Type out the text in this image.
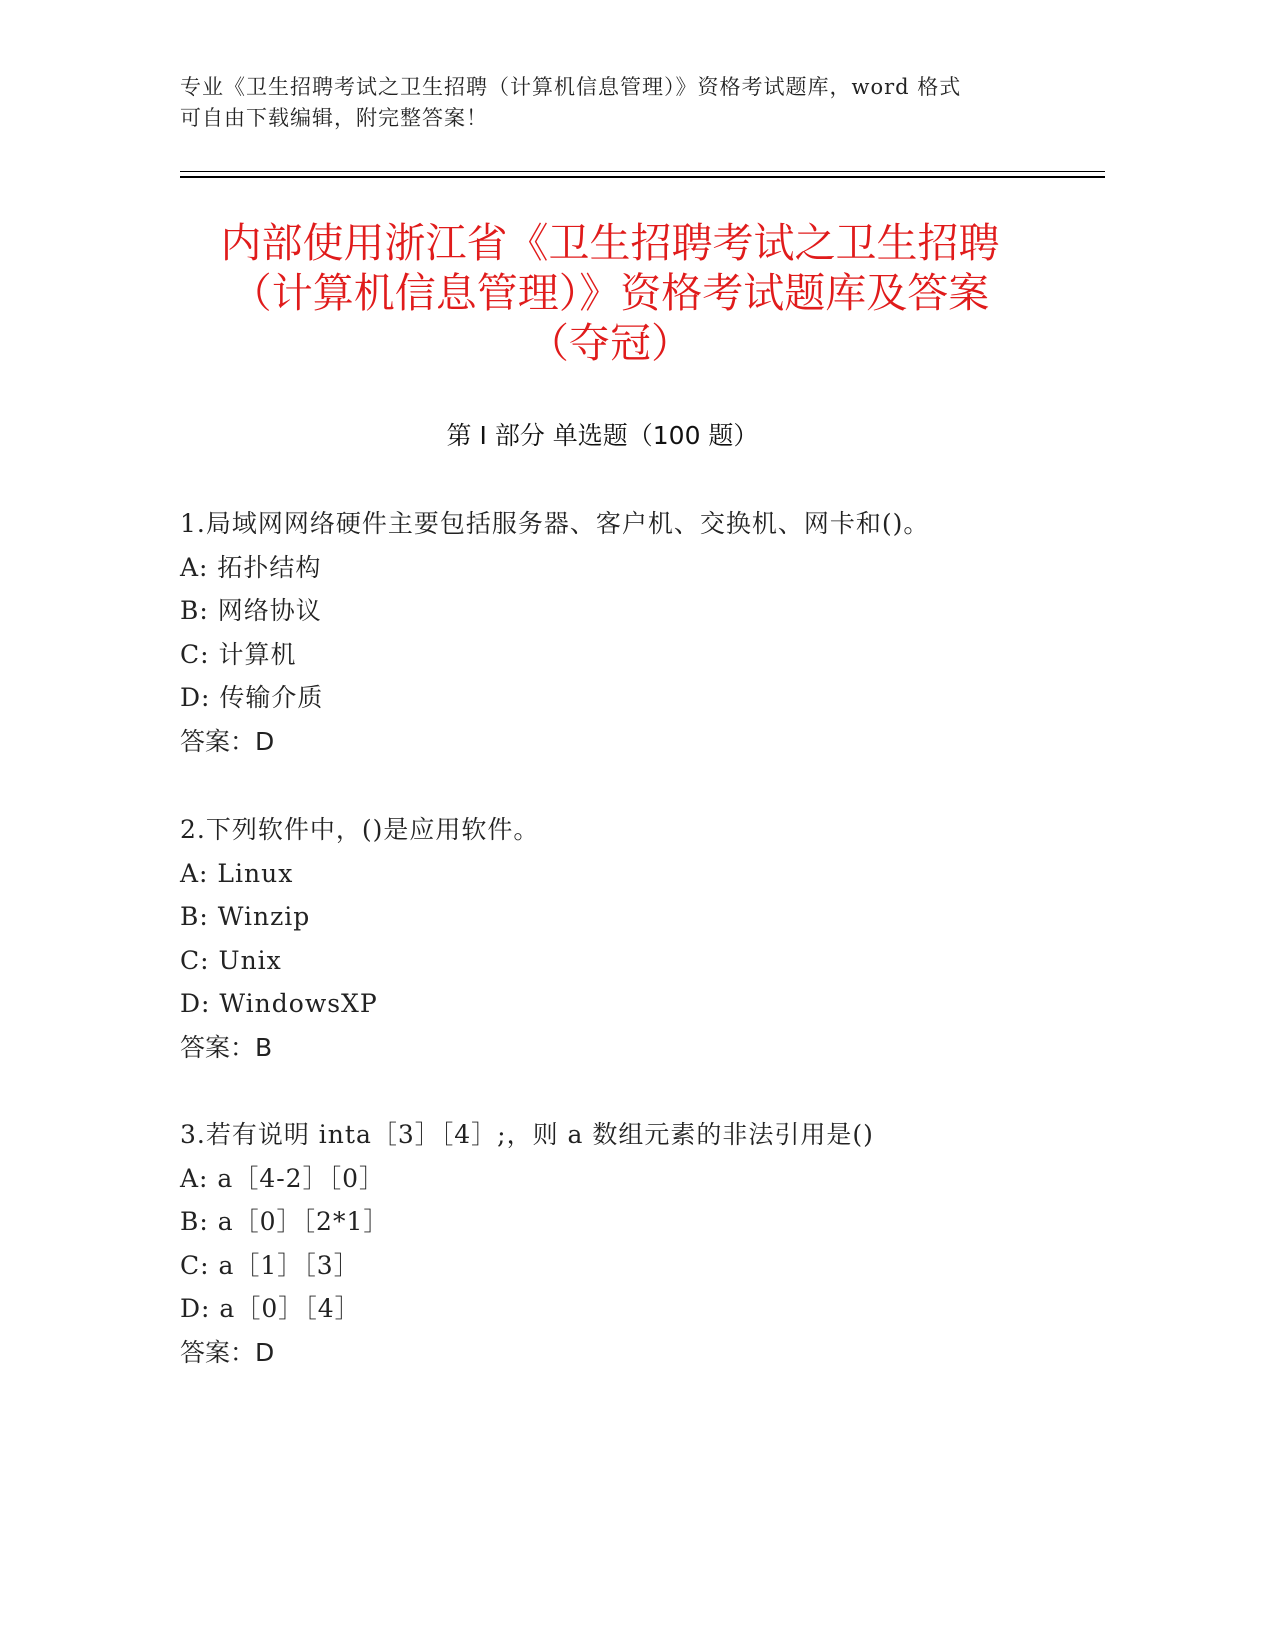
专业《卫生招聘考试之卫生招聘（计算机信息管理）》资格考试题库，word 格式
可自由下载编辑，附完整答案！
内部使用浙江省《卫生招聘考试之卫生招聘
（计算机信息管理）》资格考试题库及答案
（夺冠）
第 I 部分 单选题（100 题）
1.局域网网络硬件主要包括服务器、客户机、交换机、网卡和()。
A: 拓扑结构
B: 网络协议
C: 计算机
D: 传输介质
答案：D
2.下列软件中，()是应用软件。
A: Linux
B: Winzip
C: Unix
D: WindowsXP
答案：B
3.若有说明 inta［3］［4］;，则 a 数组元素的非法引用是()
A: a［4-2］［0］
B: a［0］［2*1］
C: a［1］［3］
D: a［0］［4］
答案：D
